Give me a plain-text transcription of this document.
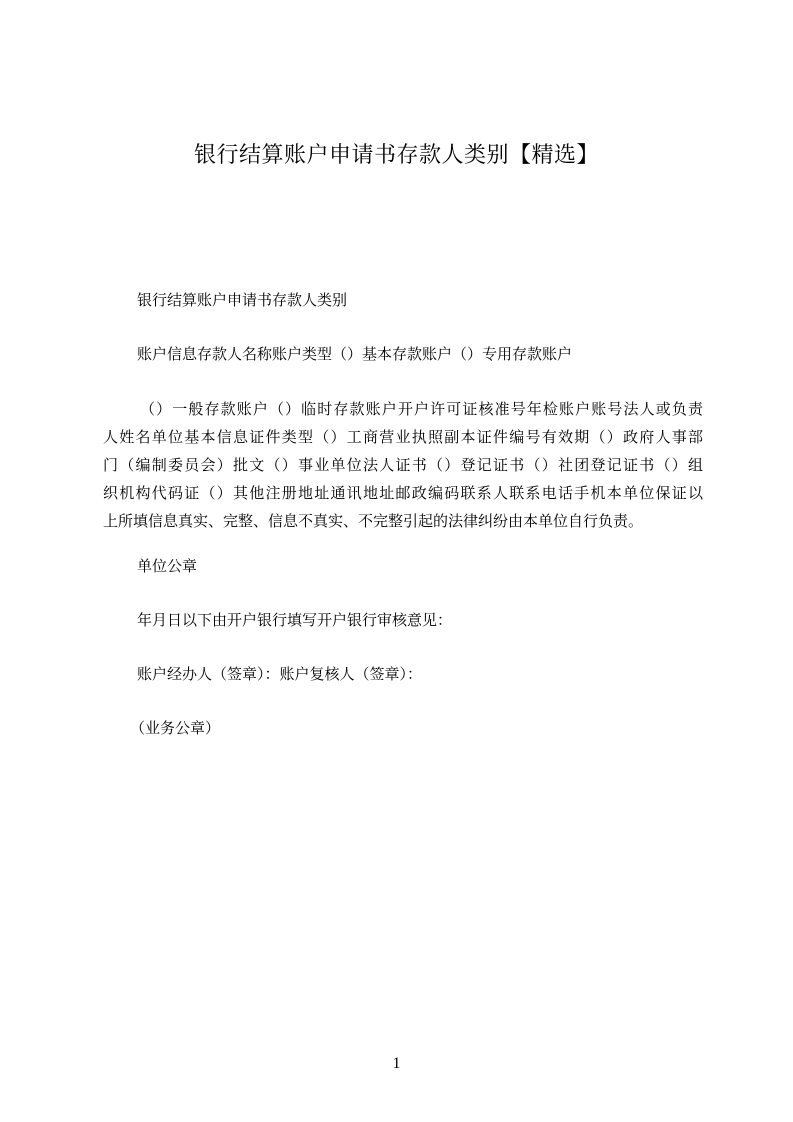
银行结算账户申请书存款人类别【精选】
银行结算账户申请书存款人类别
账户信息存款人名称账户类型（）基本存款账户（）专用存款账户
（）一般存款账户（）临时存款账户开户许可证核准号年检账户账号法人或负责
人姓名单位基本信息证件类型（）工商营业执照副本证件编号有效期（）政府人事部
门（编制委员会）批文（）事业单位法人证书（）登记证书（）社团登记证书（）组
织机构代码证（）其他注册地址通讯地址邮政编码联系人联系电话手机本单位保证以
上所填信息真实、完整、信息不真实、不完整引起的法律纠纷由本单位自行负责。
单位公章
年月日以下由开户银行填写开户银行审核意见：
账户经办人（签章）：账户复核人（签章）：
（业务公章）
1
